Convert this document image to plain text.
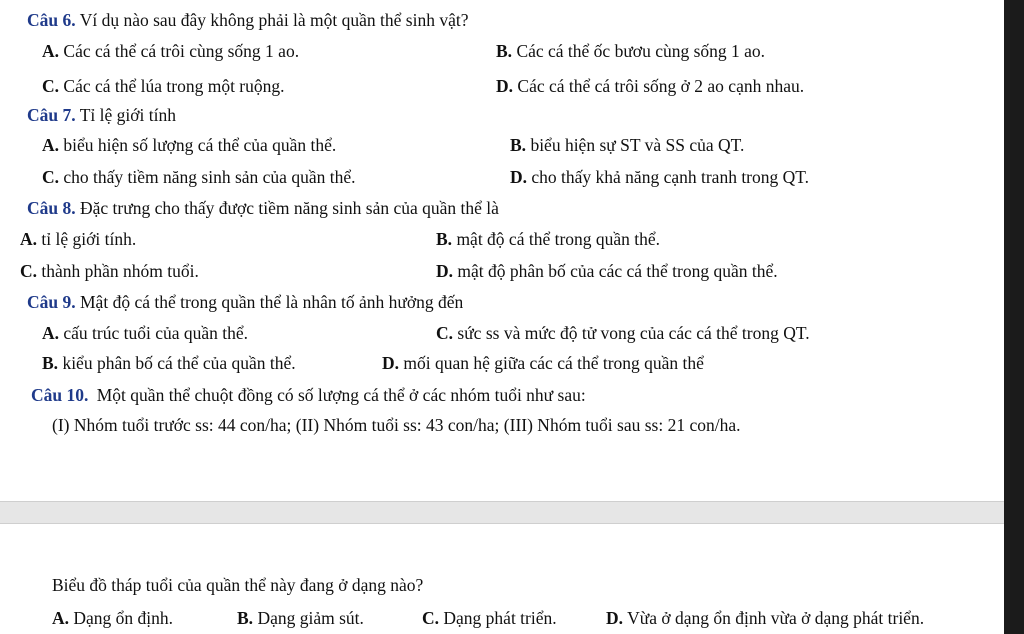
Câu 6. Ví dụ nào sau đây không phải là một quần thể sinh vật?
A. Các cá thể cá trôi cùng sống 1 ao.	B. Các cá thể ốc bươu cùng sống 1 ao.
C. Các cá thể lúa trong một ruộng.	D. Các cá thể cá trôi sống ở 2 ao cạnh nhau.
Câu 7. Tỉ lệ giới tính
A. biểu hiện số lượng cá thể của quần thể.	B. biểu hiện sự ST và SS của QT.
C. cho thấy tiềm năng sinh sản của quần thể.	D. cho thấy khả năng cạnh tranh trong QT.
Câu 8. Đặc trưng cho thấy được tiềm năng sinh sản của quần thể là
A. tỉ lệ giới tính.	B. mật độ cá thể trong quần thể.
C. thành phần nhóm tuổi.	D. mật độ phân bố của các cá thể trong quần thể.
Câu 9. Mật độ cá thể trong quần thể là nhân tố ảnh hưởng đến
A. cấu trúc tuổi của quần thể.	C. sức ss và mức độ tử vong của các cá thể trong QT.
B. kiểu phân bố cá thể của quần thể.	D. mối quan hệ giữa các cá thể trong quần thể
Câu 10. Một quần thể chuột đồng có số lượng cá thể ở các nhóm tuổi như sau:
(I) Nhóm tuổi trước ss: 44 con/ha; (II) Nhóm tuổi ss: 43 con/ha; (III) Nhóm tuổi sau ss: 21 con/ha.
Biểu đồ tháp tuổi của quần thể này đang ở dạng nào?
A. Dạng ổn định.	B. Dạng giảm sút.	C. Dạng phát triển.	D. Vừa ở dạng ổn định vừa ở dạng phát triển.
